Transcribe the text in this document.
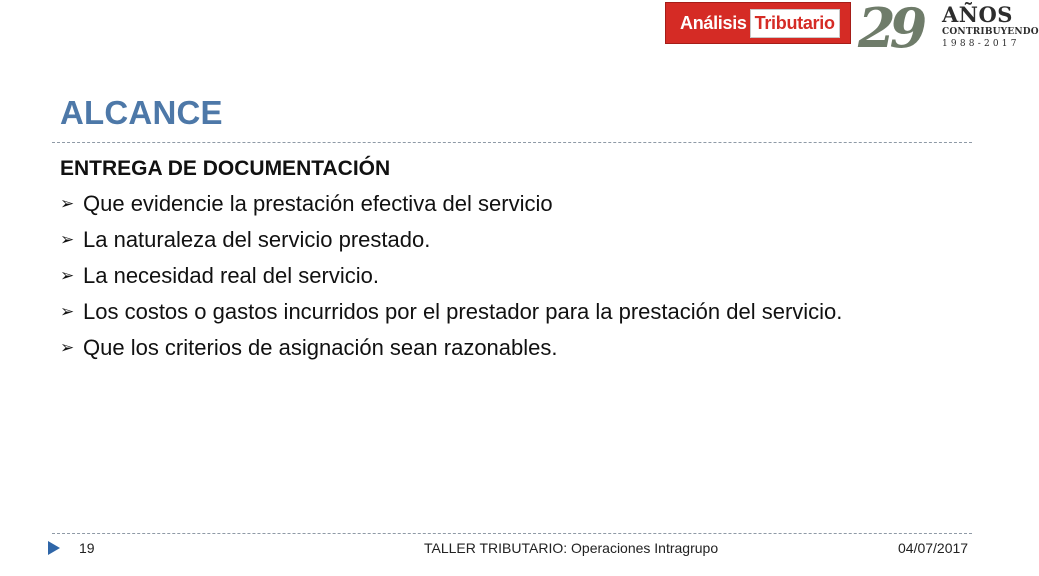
Análisis Tributario 29 AÑOS
CONTRIBUYENDO
1988-2017
ALCANCE
ENTREGA DE DOCUMENTACIÓN
➢ Que evidencie la prestación efectiva del servicio
➢ La naturaleza del servicio prestado.
➢ La necesidad real del servicio.
➢ Los costos o gastos incurridos por el prestador para la prestación del servicio.
➢ Que los criterios de asignación sean razonables.
19	TALLER TRIBUTARIO: Operaciones Intragrupo	04/07/2017
